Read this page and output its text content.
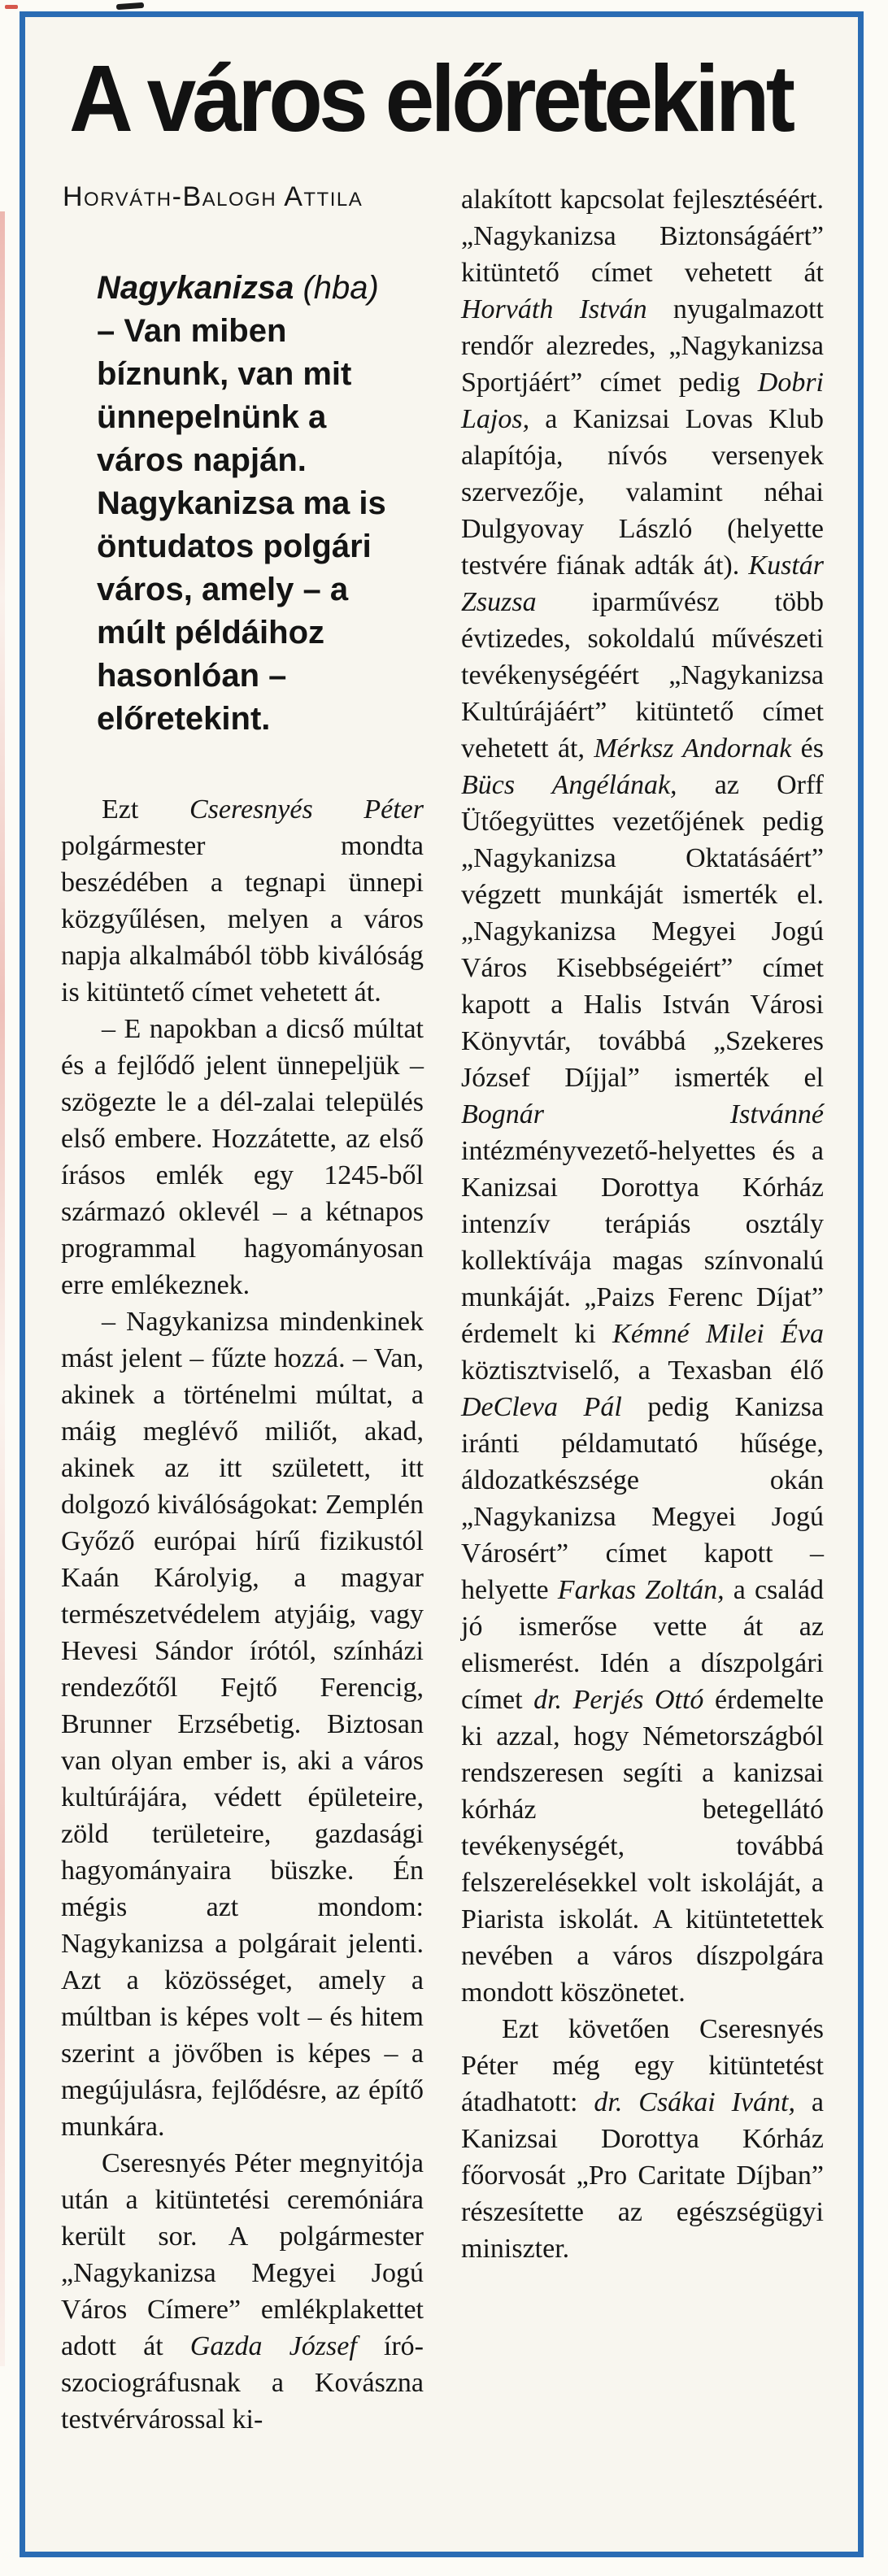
A város előretekint
Horváth-Balogh Attila

Nagykanizsa (hba)

– Van miben bíznunk, van mit ünnepelnünk a város napján. Nagykanizsa ma is öntudatos polgári város, amely – a múlt példáihoz hasonlóan – előretekint.

Ezt Cseresnyés Péter polgármester mondta beszédében a tegnapi ünnepi közgyűlésen, melyen a város napja alkalmából több kiválóság is kitüntető címet vehetett át.

– E napokban a dicső múltat és a fejlődő jelent ünnepeljük – szögezte le a dél-zalai település első embere. Hozzátette, az első írásos emlék egy 1245-ből származó oklevél – a kétnapos programmal hagyományosan erre emlékeznek.

– Nagykanizsa mindenkinek mást jelent – fűzte hozzá. – Van, akinek a történelmi múltat, a máig meglévő miliőt, akad, akinek az itt született, itt dolgozó kiválóságokat: Zemplén Győző európai hírű fizikustól Kaán Károlyig, a magyar természetvédelem atyjáig, vagy Hevesi Sándor írótól, színházi rendezőtől Fejtő Ferencig, Brunner Erzsébetig. Biztosan van olyan ember is, aki a város kultúrájára, védett épületeire, zöld területeire, gazdasági hagyományaira büszke. Én mégis azt mondom: Nagykanizsa a polgárait jelenti. Azt a közösséget, amely a múltban is képes volt – és hitem szerint a jövőben is képes – a megújulásra, fejlődésre, az építő munkára.

Cseresnyés Péter megnyitója után a kitüntetési ceremóniára került sor. A polgármester „Nagykanizsa Megyei Jogú Város Címere” emlékplakettet adott át Gazda József író-szociográfusnak a Kovászna testvérvárossal ki-

alakított kapcsolat fejlesztéséért. „Nagykanizsa Biztonságáért” kitüntető címet vehetett át Horváth István nyugalmazott rendőr alezredes, „Nagykanizsa Sportjáért” címet pedig Dobri Lajos, a Kanizsai Lovas Klub alapítója, nívós versenyek szervezője, valamint néhai Dulgyovay László (helyette testvére fiának adták át). Kustár Zsuzsa iparművész több évtizedes, sokoldalú művészeti tevékenységéért „Nagykanizsa Kultúrájáért” kitüntető címet vehetett át, Mérksz Andornak és Bücs Angélának, az Orff Ütőegyüttes vezetőjének pedig „Nagykanizsa Oktatásáért” végzett munkáját ismerték el. „Nagykanizsa Megyei Jogú Város Kisebbségeiért” címet kapott a Halis István Városi Könyvtár, továbbá „Szekeres József Díjjal” ismerték el Bognár Istvánné intézményvezető-helyettes és a Kanizsai Dorottya Kórház intenzív terápiás osztály kollektívája magas színvonalú munkáját. „Paizs Ferenc Díjat” érdemelt ki Kémné Milei Éva köztisztviselő, a Texasban élő DeCleva Pál pedig Kanizsa iránti példamutató hűsége, áldozatkészsége okán „Nagykanizsa Megyei Jogú Városért” címet kapott – helyette Farkas Zoltán, a család jó ismerőse vette át az elismerést. Idén a díszpolgári címet dr. Perjés Ottó érdemelte ki azzal, hogy Németországból rendszeresen segíti a kanizsai kórház betegellátó tevékenységét, továbbá felszerelésekkel volt iskoláját, a Piarista iskolát. A kitüntetettek nevében a város díszpolgára mondott köszönetet.

Ezt követően Cseresnyés Péter még egy kitüntetést átadhatott: dr. Csákai Ivánt, a Kanizsai Dorottya Kórház főorvosát „Pro Caritate Díjban” részesítette az egészségügyi miniszter.
